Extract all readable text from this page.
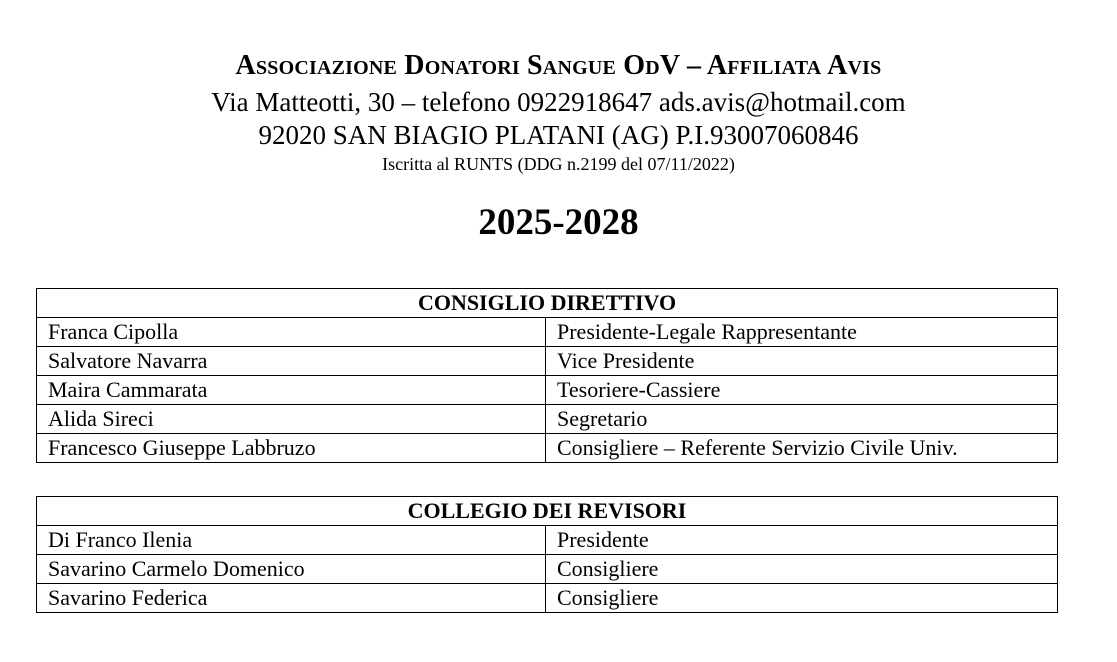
Associazione Donatori Sangue OdV – Affiliata Avis
Via Matteotti, 30 – telefono 0922918647 ads.avis@hotmail.com
92020 SAN BIAGIO PLATANI (AG) P.I.93007060846
Iscritta al RUNTS (DDG n.2199 del 07/11/2022)
2025-2028
CONSIGLIO DIRETTIVO	
Franca Cipolla	Presidente-Legale Rappresentante
Salvatore Navarra	Vice Presidente
Maira Cammarata	Tesoriere-Cassiere
Alida Sireci	Segretario
Francesco Giuseppe Labbruzo	Consigliere – Referente Servizio Civile Univ.
COLLEGIO DEI REVISORI	
Di Franco Ilenia	Presidente
Savarino Carmelo Domenico	Consigliere
Savarino Federica	Consigliere
